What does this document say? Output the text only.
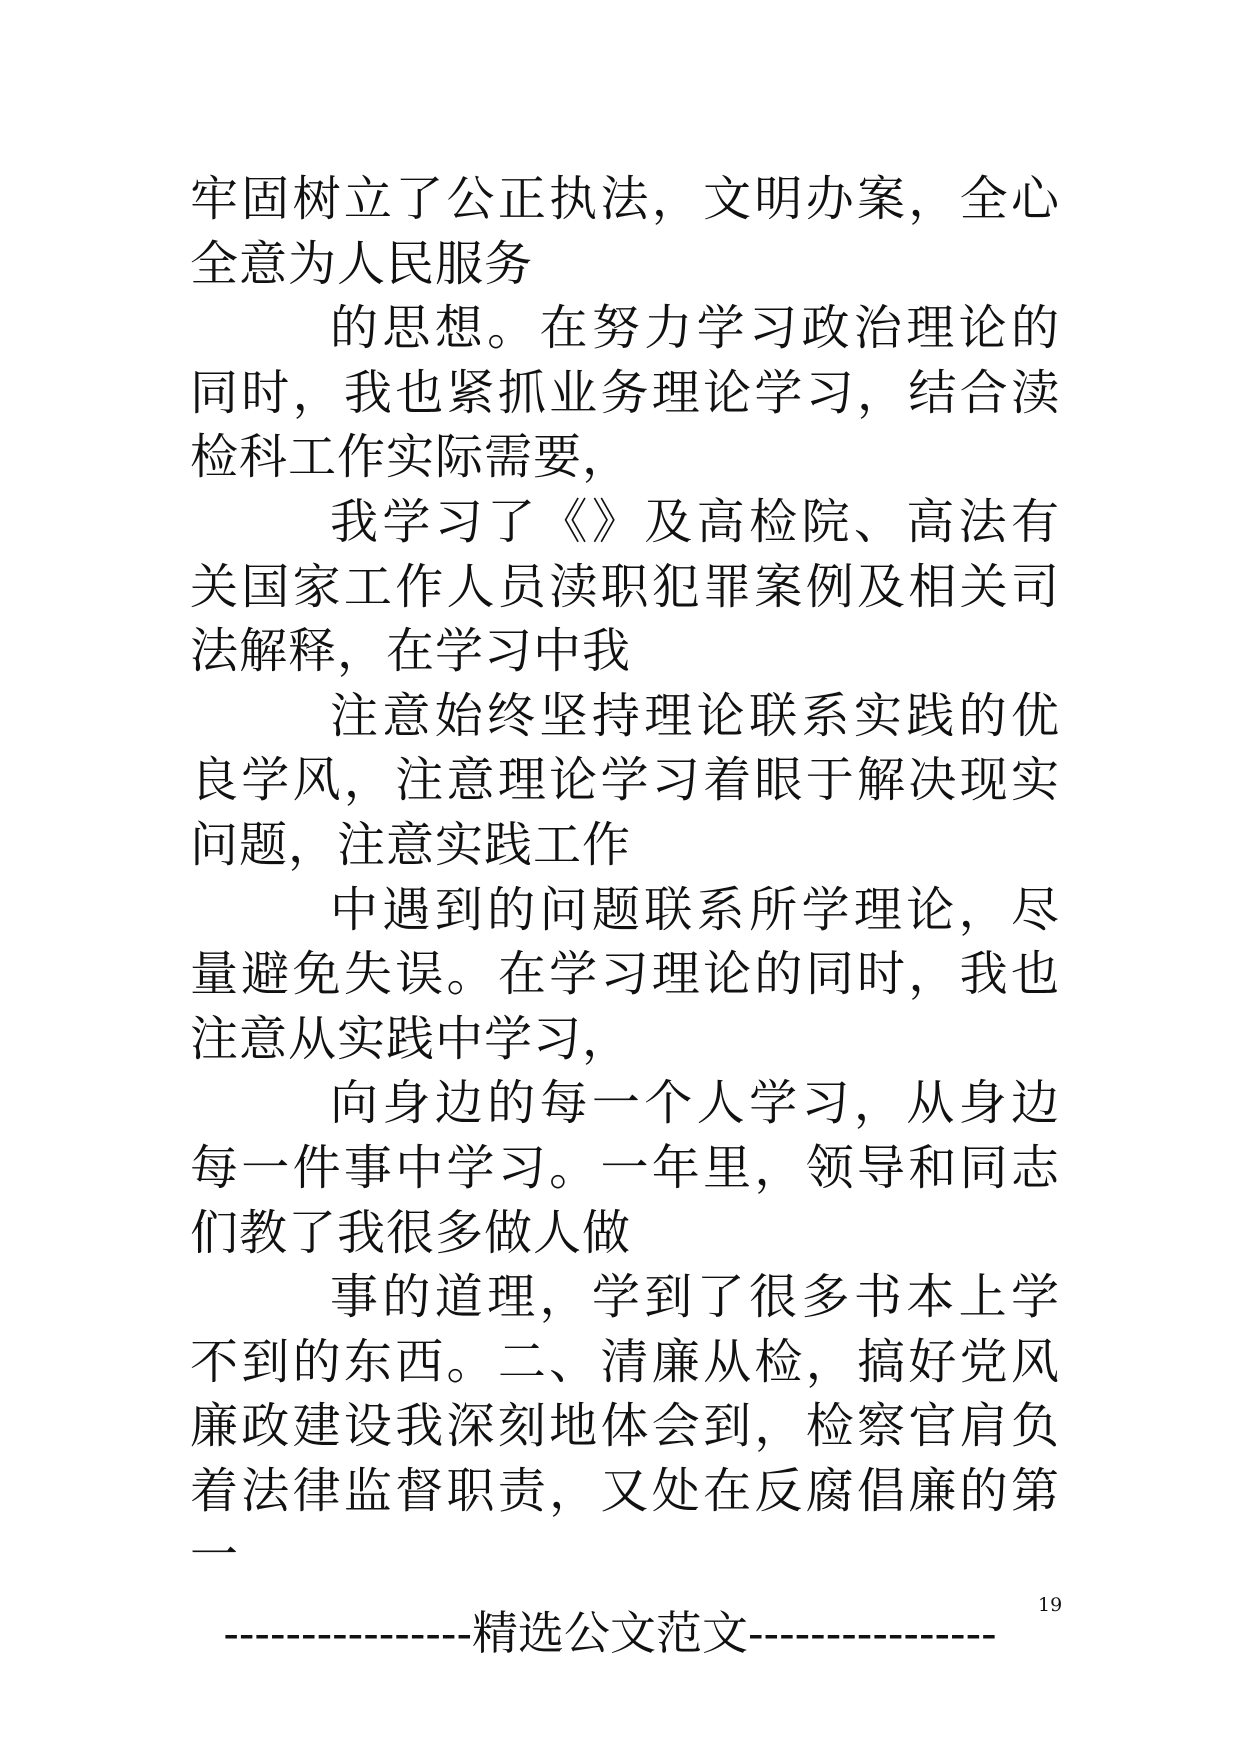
牢固树立了公正执法，文明办案，全心全意为人民服务

的思想。在努力学习政治理论的同时，我也紧抓业务理论学习，结合渎检科工作实际需要，

我学习了《》及高检院、高法有关国家工作人员渎职犯罪案例及相关司法解释，在学习中我

注意始终坚持理论联系实践的优良学风，注意理论学习着眼于解决现实问题，注意实践工作

中遇到的问题联系所学理论，尽量避免失误。在学习理论的同时，我也注意从实践中学习，

向身边的每一个人学习，从身边每一件事中学习。一年里，领导和同志们教了我很多做人做

事的道理，学到了很多书本上学不到的东西。二、清廉从检，搞好党风廉政建设我深刻地体会到，检察官肩负着法律监督职责，又处在反腐倡廉的第一

19
----------------精选公文范文----------------
